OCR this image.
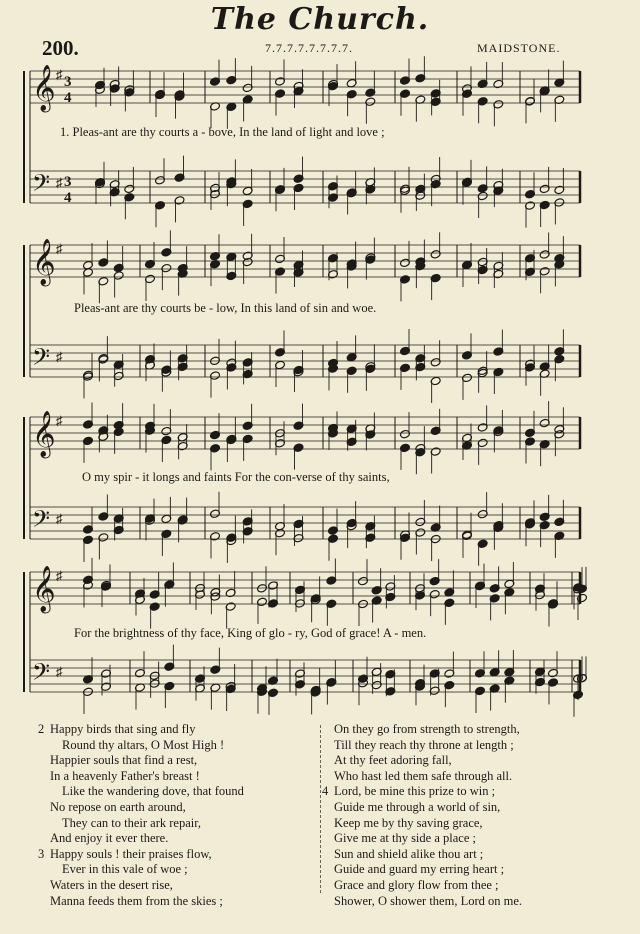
The Church.
200.	7.7.7.7.7.7.7.7.	MAIDSTONE.
𝄞 ♯ 3
4
𝄢 ♯ 3
4
𝄞 ♯
𝄢 ♯
𝄞 ♯
𝄢 ♯
𝄞 ♯
𝄢 ♯
1. Pleas-ant are thy courts a - bove, In the land of light and love ;
Pleas-ant are thy courts be - low, In this land of sin and woe.
O my spir - it longs and faints For the con-verse of thy saints,
For the brightness of thy face, King of glo - ry, God of grace! A - men.
2 Happy birds that sing and fly
Round thy altars, O Most High !
Happier souls that find a rest,
In a heavenly Father's breast !
Like the wandering dove, that found
No repose on earth around,
They can to their ark repair,
And enjoy it ever there.
3 Happy souls ! their praises flow,
Ever in this vale of woe ;
Waters in the desert rise,
Manna feeds them from the skies ;
On they go from strength to strength,
Till they reach thy throne at length ;
At thy feet adoring fall,
Who hast led them safe through all.
4 Lord, be mine this prize to win ;
Guide me through a world of sin,
Keep me by thy saving grace,
Give me at thy side a place ;
Sun and shield alike thou art ;
Guide and guard my erring heart ;
Grace and glory flow from thee ;
Shower, O shower them, Lord on me.
